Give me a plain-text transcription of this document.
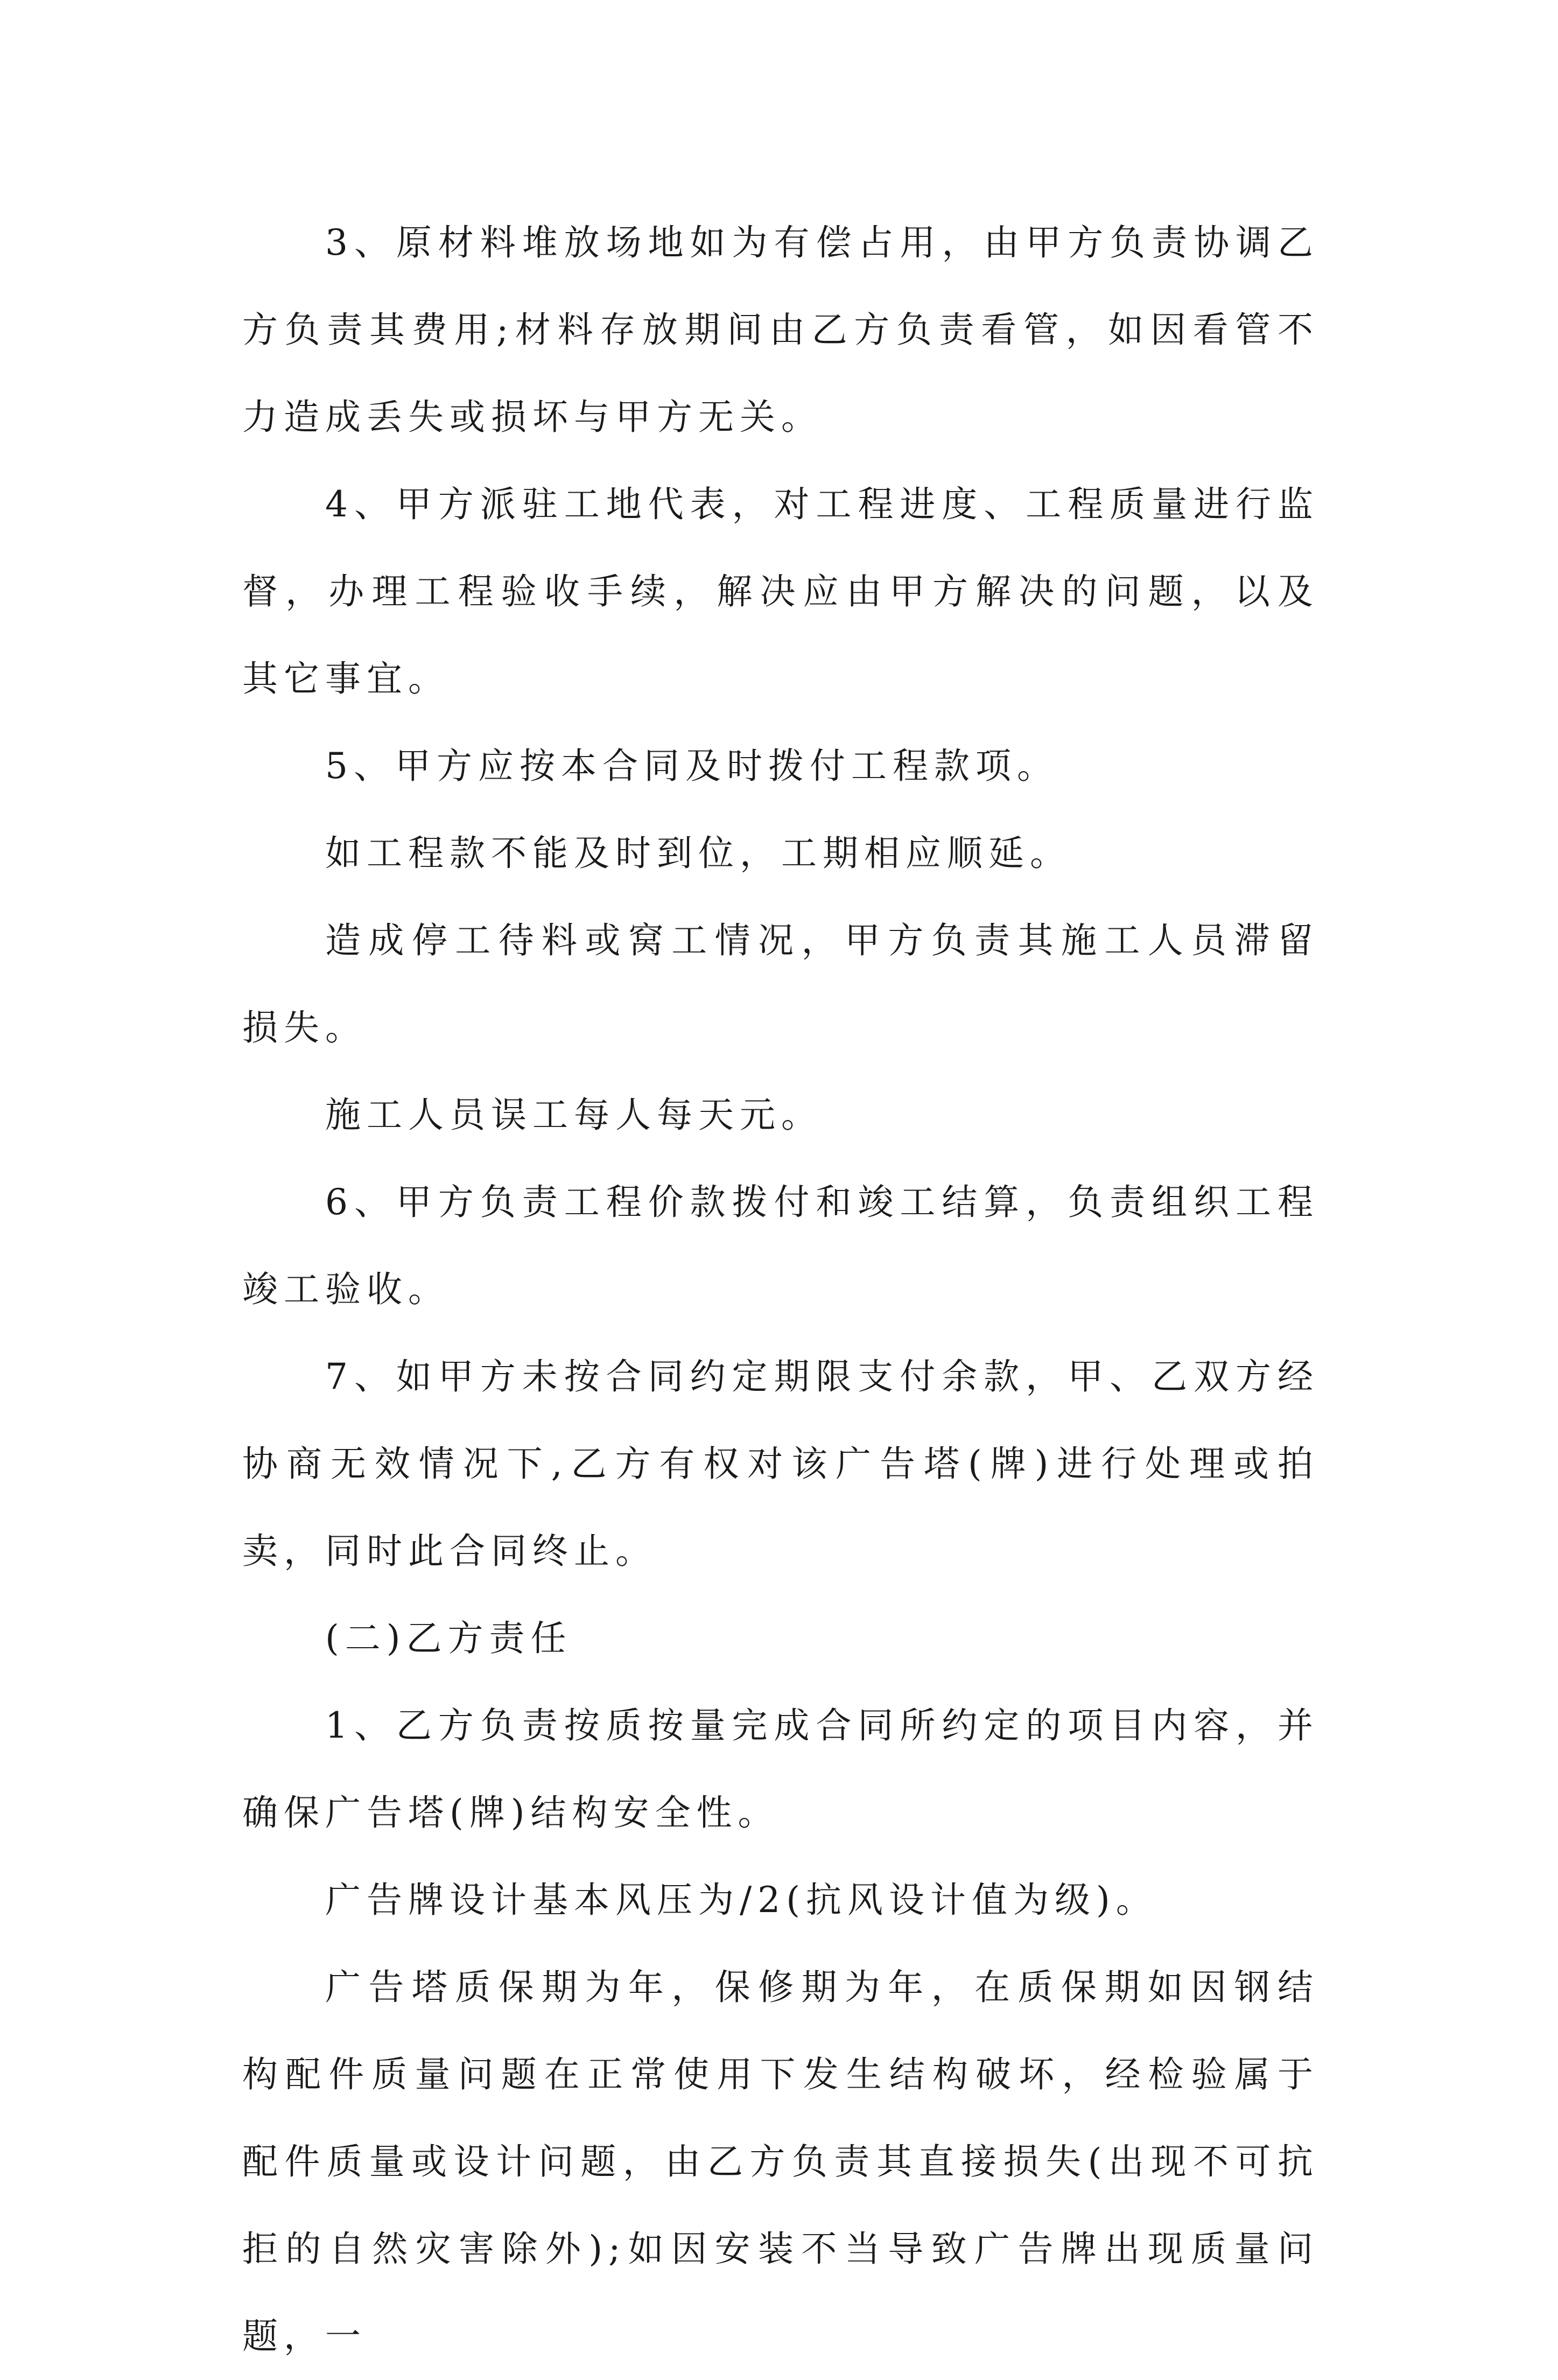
3、原材料堆放场地如为有偿占用，由甲方负责协调乙方负责其费用;材料存放期间由乙方负责看管，如因看管不力造成丢失或损坏与甲方无关。

4、甲方派驻工地代表，对工程进度、工程质量进行监督，办理工程验收手续，解决应由甲方解决的问题，以及其它事宜。

5、甲方应按本合同及时拨付工程款项。

如工程款不能及时到位，工期相应顺延。

造成停工待料或窝工情况，甲方负责其施工人员滞留损失。

施工人员误工每人每天元。

6、甲方负责工程价款拨付和竣工结算，负责组织工程竣工验收。

7、如甲方未按合同约定期限支付余款，甲、乙双方经协商无效情况下,乙方有权对该广告塔(牌)进行处理或拍卖，同时此合同终止。

(二)乙方责任

1、乙方负责按质按量完成合同所约定的项目内容，并确保广告塔(牌)结构安全性。

广告牌设计基本风压为/2(抗风设计值为级)。

广告塔质保期为年，保修期为年，在质保期如因钢结构配件质量问题在正常使用下发生结构破坏，经检验属于配件质量或设计问题，由乙方负责其直接损失(出现不可抗拒的自然灾害除外);如因安装不当导致广告牌出现质量问题，一
